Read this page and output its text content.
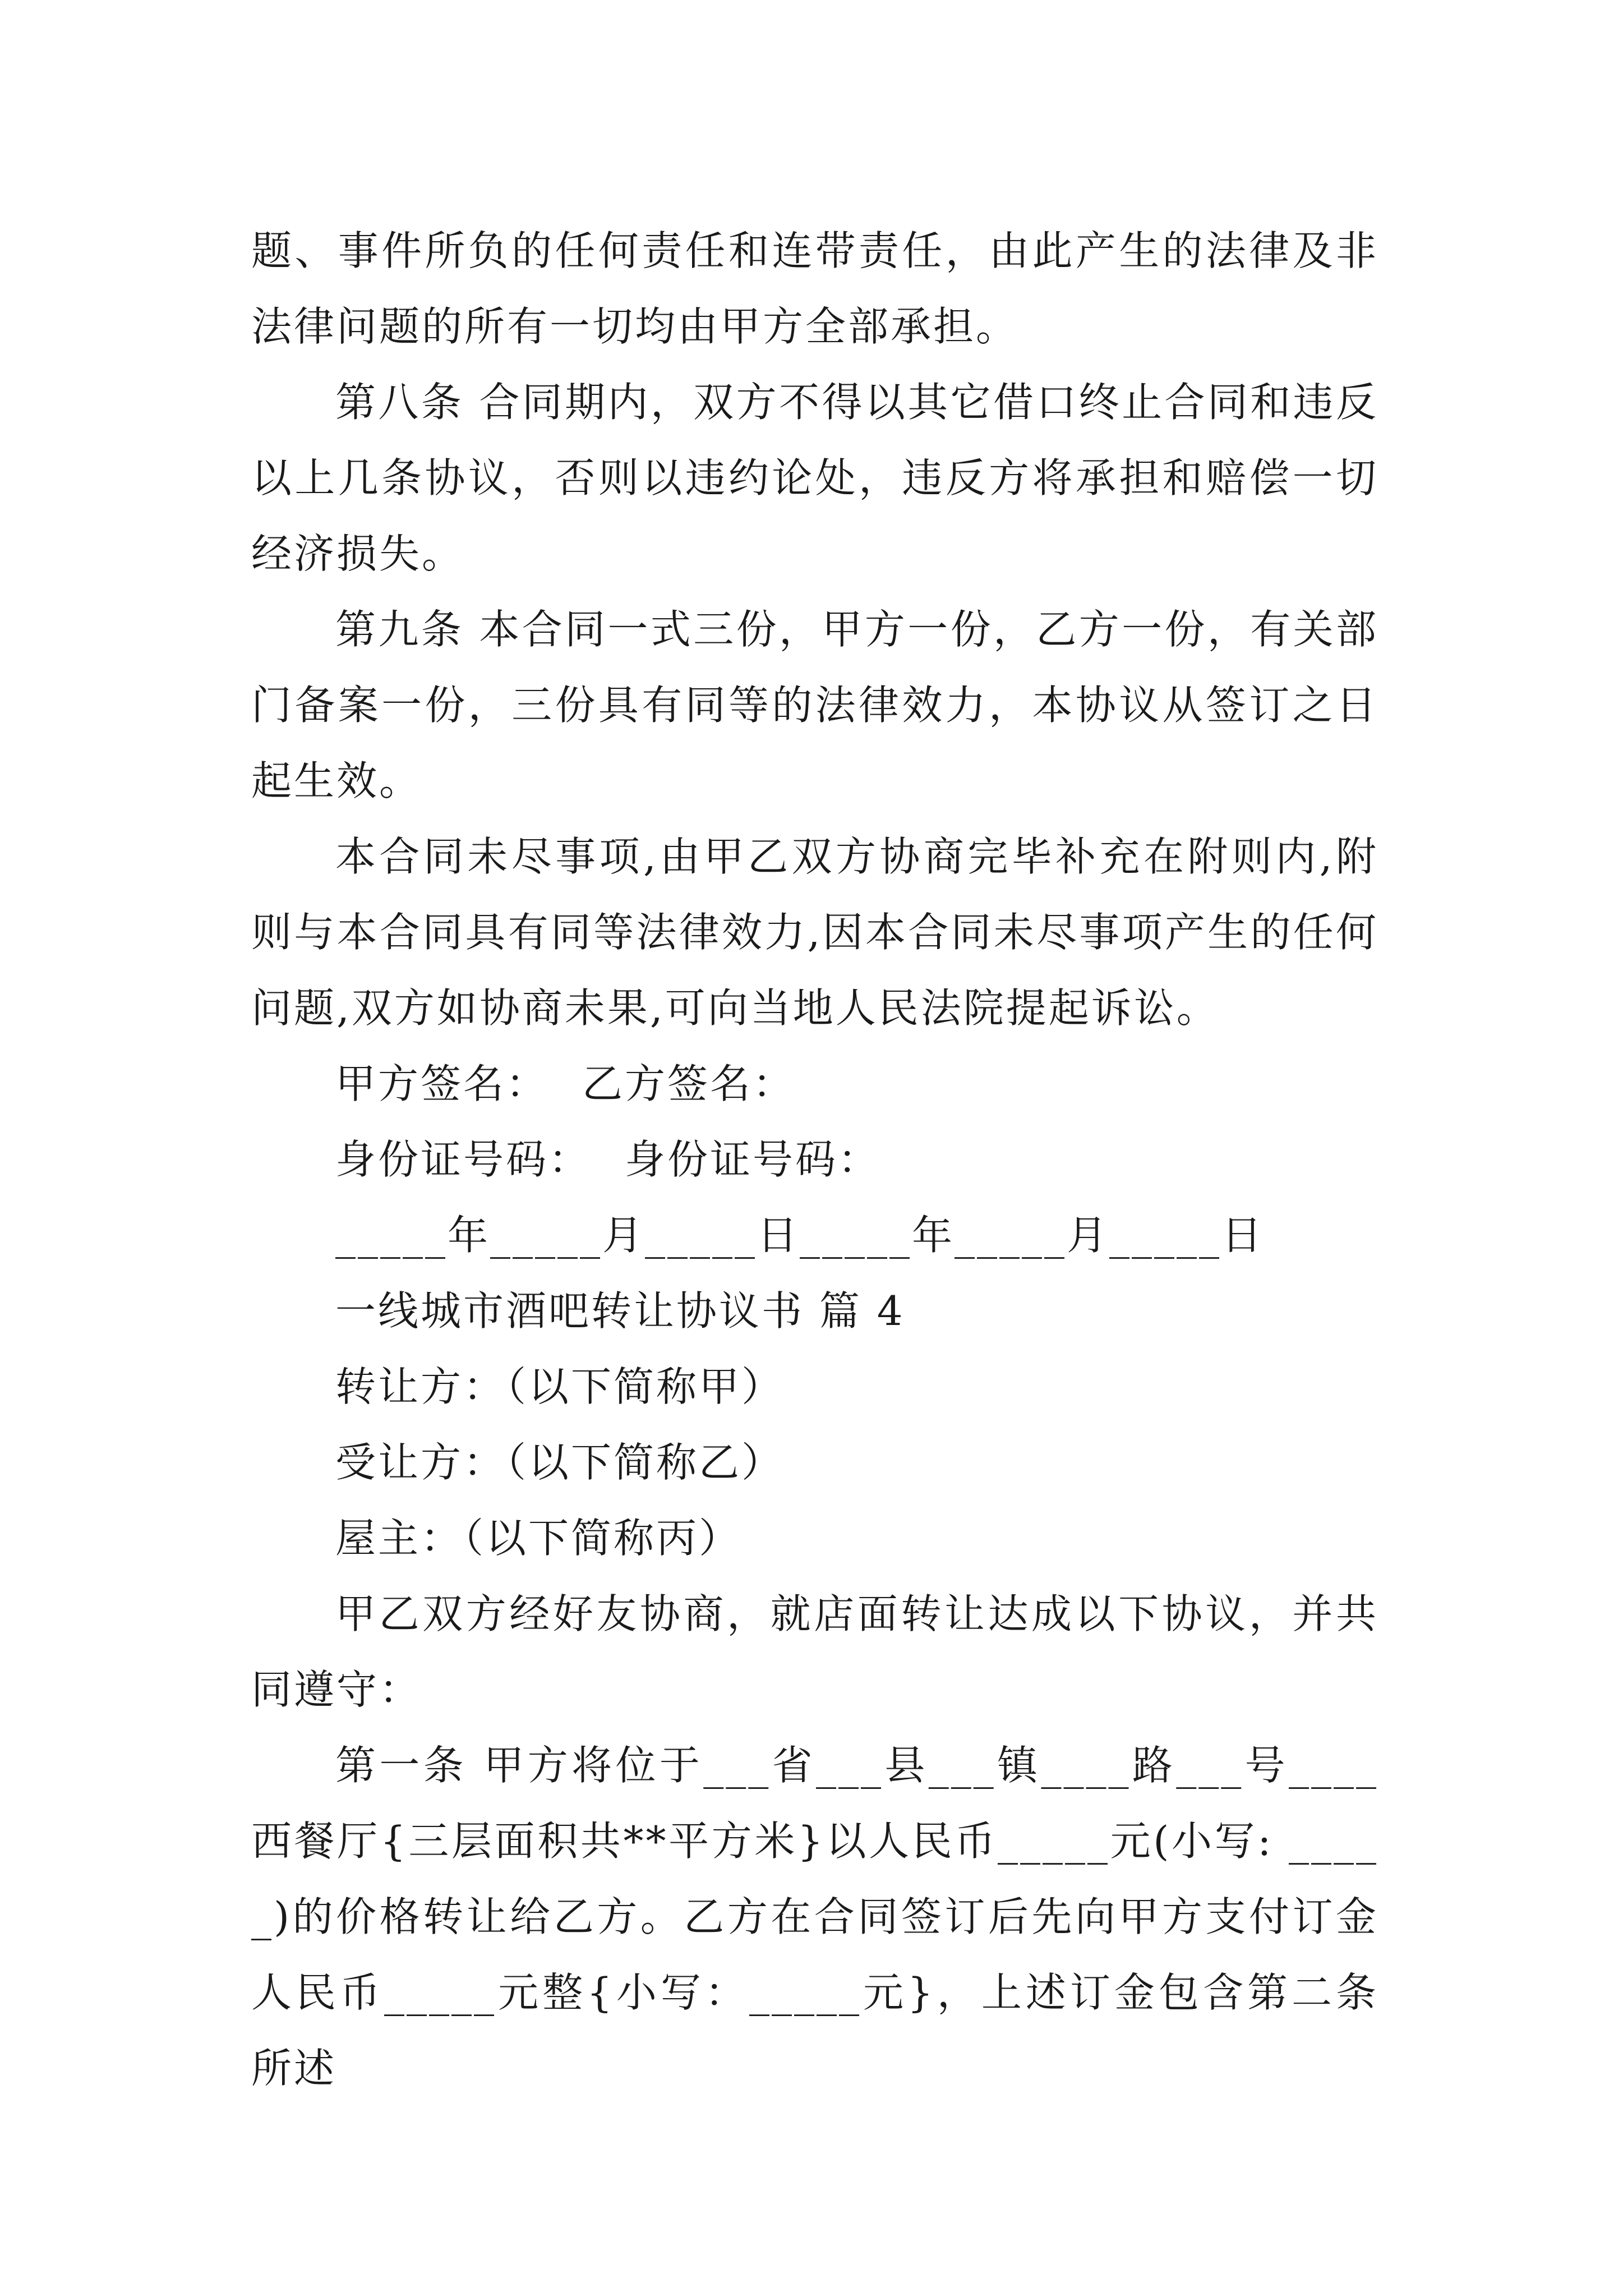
题、事件所负的任何责任和连带责任，由此产生的法律及非法律问题的所有一切均由甲方全部承担。

第八条 合同期内，双方不得以其它借口终止合同和违反以上几条协议，否则以违约论处，违反方将承担和赔偿一切经济损失。

第九条 本合同一式三份，甲方一份，乙方一份，有关部门备案一份，三份具有同等的法律效力，本协议从签订之日起生效。

本合同未尽事项,由甲乙双方协商完毕补充在附则内,附则与本合同具有同等法律效力,因本合同未尽事项产生的任何问题,双方如协商未果,可向当地人民法院提起诉讼。

甲方签名： 乙方签名：

身份证号码： 身份证号码：

_____年_____月_____日_____年_____月_____日

一线城市酒吧转让协议书 篇 4

转让方：（以下简称甲）

受让方：（以下简称乙）

屋主：（以下简称丙）

甲乙双方经好友协商，就店面转让达成以下协议，并共同遵守：

第一条 甲方将位于___省___县___镇____路___号____西餐厅{三层面积共**平方米}以人民币_____元(小写: _____)的价格转让给乙方。乙方在合同签订后先向甲方支付订金人民币_____元整{小写：_____元}，上述订金包含第二条所述
